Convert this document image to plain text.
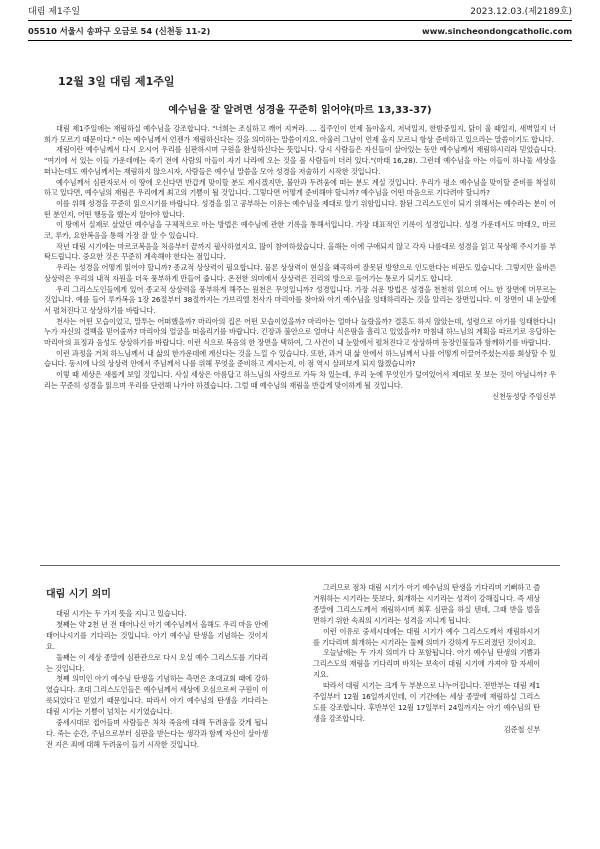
대림 제1주일	2023.12.03.(제2189호)
05510 서울시 송파구 오금로 54 (신천동 11-2)	www.sincheondongcatholic.com
12월 3일 대림 제1주일
예수님을 잘 알려면 성경을 꾸준히 읽어야(마르 13,33-37)

대림 제1주일에는 재림하실 예수님을 강조합니다. "너희는 조심하고 깨어 지켜라. … 집주인이 언제 돌아올지, 저녁일지, 한밤중일지, 닭이 울 때일지, 새벽일지 너희가 모르기 때문이다." 이는 예수님께서 언젠가 재림하신다는 것을 의미하는 말씀이지요. 아울러 그날이 언제 올지 모르니 항상 준비하고 있으라는 말씀이기도 합니다.

재림이란 예수님께서 다시 오시어 우리를 심판하시며 구원을 완성하신다는 뜻입니다. 당시 사람들은 자신들이 살아있는 동안 예수님께서 재림하시리라 믿었습니다. "여기에 서 있는 이들 가운데에는 죽기 전에 사람의 아들이 자기 나라에 오는 것을 볼 사람들이 더러 있다."(마태 16,28). 그런데 예수님을 아는 이들이 하나둘 세상을 떠나는데도 예수님께서는 재림하지 않으시자, 사람들은 예수님 말씀을 모아 성경을 저술하기 시작한 것입니다.

예수님께서 심판자로서 이 땅에 오신다면 반갑게 맞이할 분도 계시겠지만, 불안과 두려움에 떠는 분도 계실 것입니다. 우리가 평소 예수님을 맞이할 준비를 착실히 하고 있다면, 예수님의 재림은 우리에게 최고의 기쁨이 될 것입니다. 그렇다면 어떻게 준비해야 할니까? 예수님을 어떤 마음으로 기다려야 할니까?

이를 위해 성경을 꾸준히 읽으시기를 바랍니다. 성경을 읽고 공부하는 이유는 예수님을 제대로 알기 위함입니다. 참된 그리스도인이 되기 위해서는 예수라는 분이 어떤 분인지, 어떤 행동을 했는지 알아야 합니다.

이 땅에서 실제로 살았던 예수님을 구체적으로 아는 방법은 예수님에 관한 기록을 통해서입니다. 가장 대표적인 기록이 성경입니다. 성경 가운데서도 마태오, 마르코, 루카, 요한복음을 통해 가장 잘 알 수 있습니다.

작년 대림 시기에는 마르코복음을 처음부터 끝까지 필사하였지요. 많이 참여하셨습니다. 올해는 이에 구애되지 않고 각자 나름대로 성경을 읽고 묵상해 주시기를 부탁드립니다. 중요한 것은 꾸준히 계속해야 한다는 점입니다.

우리는 성경을 어떻게 읽어야 할니까? 종교적 상상력이 필요합니다. 물론 상상력이 현실을 왜곡하여 잘못된 방향으로 인도한다는 비판도 있습니다. 그렇지만 올바른 상상력은 우리의 내적 자원을 더욱 풍부하게 만들어 줍니다. 온전한 의미에서 상상력은 진리의 방으로 들어가는 통로가 되기도 합니다.

우리 그리스도인들에게 있어 종교적 상상력을 풍부하게 해주는 원천은 무엇일니까? 성경입니다. 가장 쉬운 방법은 성경을 천천히 읽으며 어느 한 장면에 머무르는 것입니다. 예를 들어 루카복음 1장 26절부터 38절까지는 가브리엘 천사가 마리아를 찾아와 아기 예수님을 잉태하리라는 것을 알리는 장면입니다. 이 장면이 내 눈앞에서 펼쳐진다고 상상하기를 바랍니다.

천사는 어떤 모습이었고, 말투는 어떠했을까? 마리아의 집은 어떤 모습이었을까? 마리아는 얼마나 놀랐을까? 결혼도 하지 않았는데, 성령으로 아기를 잉태한다니! 누가 자신의 결백을 믿어줄까? 마리아의 얼굴을 떠올리기를 바랍니다. 긴장과 불안으로 얼마나 식은땀을 흘리고 있었을까? 마침내 하느님의 계획을 따르기로 응답하는 마리아의 표정과 음성도 상상하기를 바랍니다. 이런 식으로 복음의 한 장면을 택하여, 그 사건이 내 눈앞에서 펼쳐진다고 상상하며 등장인물들과 함께하기를 바랍니다.

이런 과정을 거쳐 하느님께서 내 삶의 한가운데에 계신다는 것을 느낄 수 있습니다. 또한, 과거 내 삶 안에서 하느님께서 나를 어떻게 이끌어주셨는지를 회상할 수 있습니다. 동시에 나의 상상력 안에서 주님께서 나를 위해 무엇을 준비하고 계시는지, 이 점 역시 살펴보게 되지 않겠습니까?

이렇 때 세상은 새롭게 보일 것입니다. 사실 세상은 아름답고 하느님의 사랑으로 가득 차 있는데, 우리 눈에 무엇인가 덮여있어서 제대로 못 보는 것이 아닐니까? 우리는 꾸준히 성경을 읽으며 우리를 단련해 나가야 하겠습니다. 그럴 때 예수님의 재림을 반갑게 맞이하게 될 것입니다.

신천동성당 주임신부
대림 시기 의미

대림 시기는 두 가지 뜻을 지니고 있습니다.

첫째는 약 2천 년 전 태어나신 아기 예수님께서 올해도 우리 마음 안에 태어나시기를 기다리는 것입니다. 아기 예수님 탄생을 기념하는 것이지요.

둘째는 이 세상 종말에 심판관으로 다시 오실 예수 그리스도를 기다리는 것입니다.

첫째 의미인 아기 예수님 탄생을 기념하는 측면은 초대교회 때에 강하였습니다. 초대 그리스도인들은 예수님께서 세상에 오심으로써 구원이 이룩되었다고 믿었기 때문입니다. 따라서 아기 예수님의 탄생을 기다리는 대림 시기는 기쁨이 넘치는 시기였습니다.

중세시대로 접어들며 사람들은 차차 죽음에 대해 두려움을 갖게 됩니다. 죽는 순간, 주님으로부터 심판을 받는다는 생각과 함께 자신이 살아생전 지은 죄에 대해 두려움이 들기 시작한 것입니다.

그러므로 점차 대림 시기가 아기 예수님의 탄생을 기다리며 기뻐하고 즐거워하는 시기라는 뜻보다, 회개하는 시기라는 성격이 강해집니다. 즉 세상 종말에 그리스도께서 재림하시며 최후 심판을 하실 텐데, 그때 받을 벌을 면하기 위한 속죄의 시기라는 성격을 지니게 됩니다.

이런 이유로 중세시대에는 대림 시기가 예수 그리스도께서 재림하시기를 기다리며 회개하는 시기라는 둘째 의미가 강하게 두드러졌던 것이지요.

오늘날에는 두 가지 의미가 다 포함됩니다. 아기 예수님 탄생의 기쁨과 그리스도의 재림을 기다리며 바치는 보속이 대림 시기에 가져야 할 자세이지요.

따라서 대림 시기는 크게 두 부분으로 나누어집니다. 전반부는 대림 제1주일부터 12월 16일까지인데, 이 기간에는 세상 종말에 재림하실 그리스도를 강조합니다. 후반부인 12월 17일부터 24일까지는 아기 예수님의 탄생을 강조합니다.

김준철 신부
